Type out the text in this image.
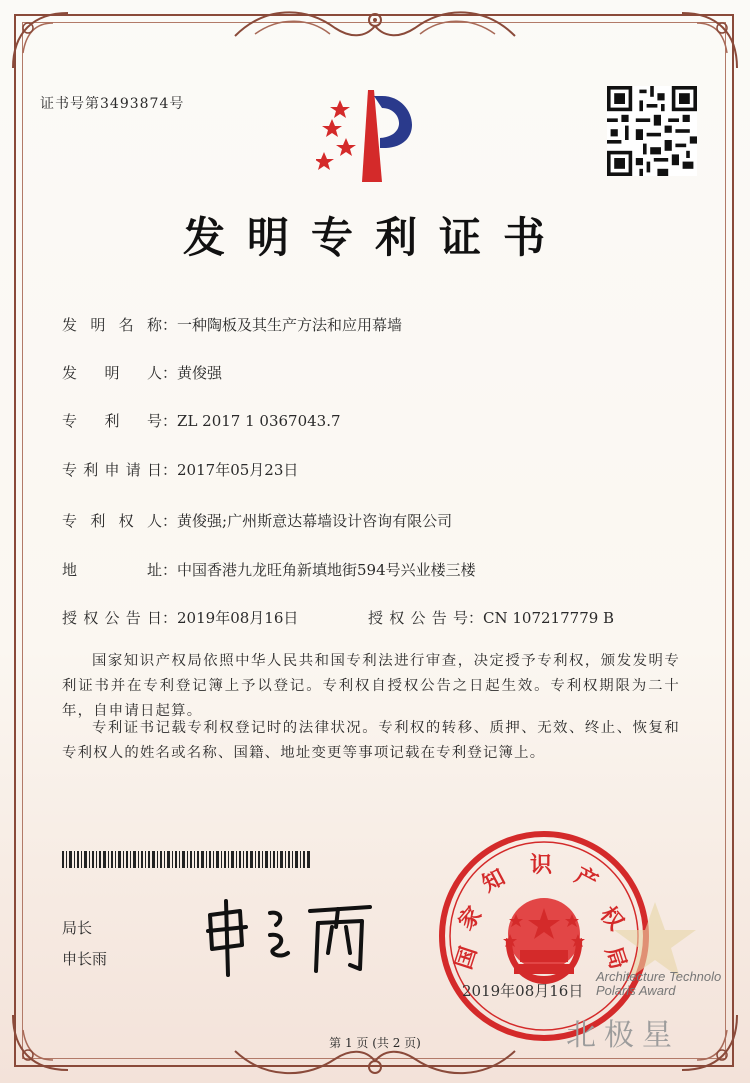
证书号第3493874号
发明专利证书
发明名称：一种陶板及其生产方法和应用幕墙
发明人：黄俊强
专利号：ZL 2017 1 0367043.7
专利申请日：2017年05月23日
专利权人：黄俊强;广州斯意达幕墙设计咨询有限公司
地址：中国香港九龙旺角新填地街594号兴业楼三楼
授权公告日：2019年08月16日	授权公告号：CN 107217779 B
国家知识产权局依照中华人民共和国专利法进行审查，决定授予专利权，颁发发明专利证书并在专利登记簿上予以登记。专利权自授权公告之日起生效。专利权期限为二十年，自申请日起算。
专利证书记载专利权登记时的法律状况。专利权的转移、质押、无效、终止、恢复和专利权人的姓名或名称、国籍、地址变更等事项记载在专利登记簿上。
局长
申长雨	国
家
知 识 产
权
局
2019年08月16日
Architecture Technolo
Polaris Award
北极星
第 1 页 (共 2 页)
